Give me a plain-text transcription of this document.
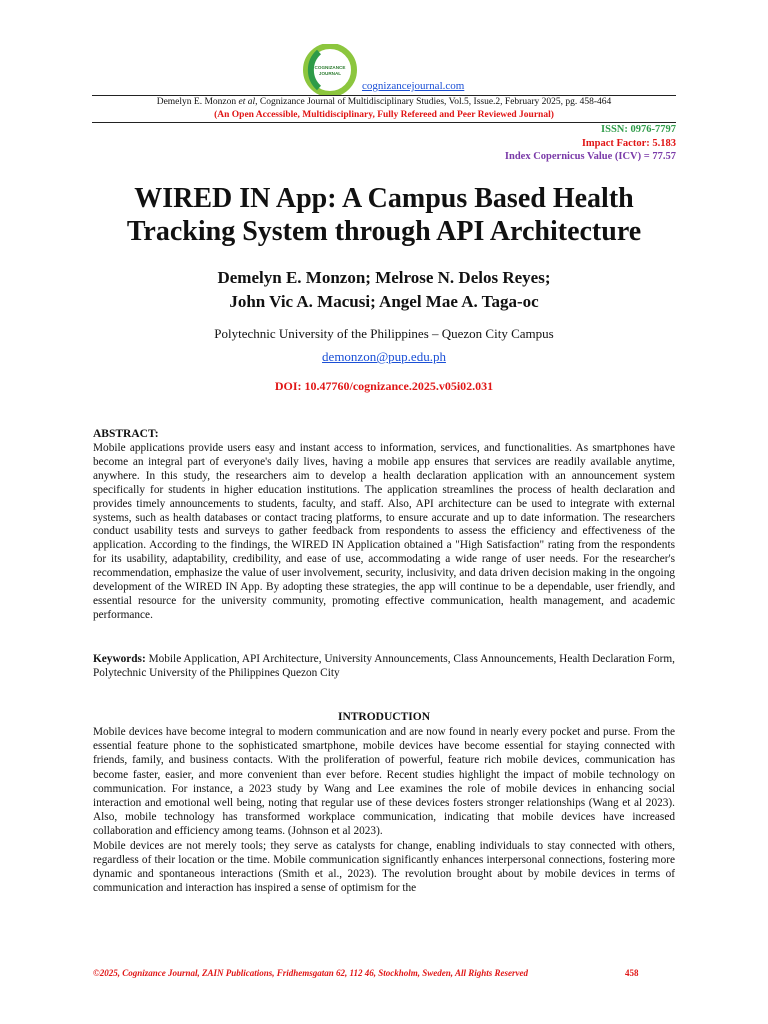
COGNIZANCE
JOURNAL
cognizancejournal.com
Demelyn E. Monzon et al, Cognizance Journal of Multidisciplinary Studies, Vol.5, Issue.2, February 2025, pg. 458-464
(An Open Accessible, Multidisciplinary, Fully Refereed and Peer Reviewed Journal)
ISSN: 0976-7797
Impact Factor: 5.183
Index Copernicus Value (ICV) = 77.57
WIRED IN App: A Campus Based Health
Tracking System through API Architecture
Demelyn E. Monzon; Melrose N. Delos Reyes;
John Vic A. Macusi; Angel Mae A. Taga-oc
Polytechnic University of the Philippines – Quezon City Campus
demonzon@pup.edu.ph
DOI: 10.47760/cognizance.2025.v05i02.031
ABSTRACT:
Mobile applications provide users easy and instant access to information, services, and functionalities. As smartphones have become an integral part of everyone's daily lives, having a mobile app ensures that services are readily available anytime, anywhere. In this study, the researchers aim to develop a health declaration application with an announcement system specifically for students in higher education institutions. The application streamlines the process of health declaration and provides timely announcements to students, faculty, and staff. Also, API architecture can be used to integrate with external systems, such as health databases or contact tracing platforms, to ensure accurate and up to date information. The researchers conduct usability tests and surveys to gather feedback from respondents to assess the efficiency and effectiveness of the application. According to the findings, the WIRED IN Application obtained a "High Satisfaction" rating from the respondents for its usability, adaptability, credibility, and ease of use, accommodating a wide range of user needs. For the researcher's recommendation, emphasize the value of user involvement, security, inclusivity, and data driven decision making in the ongoing development of the WIRED IN App. By adopting these strategies, the app will continue to be a dependable, user friendly, and essential resource for the university community, promoting effective communication, health management, and academic performance.
Keywords: Mobile Application, API Architecture, University Announcements, Class Announcements, Health Declaration Form, Polytechnic University of the Philippines Quezon City
INTRODUCTION

Mobile devices have become integral to modern communication and are now found in nearly every pocket and purse. From the essential feature phone to the sophisticated smartphone, mobile devices have become essential for staying connected with friends, family, and business contacts. With the proliferation of powerful, feature rich mobile devices, communication has become faster, easier, and more convenient than ever before. Recent studies highlight the impact of mobile technology on communication. For instance, a 2023 study by Wang and Lee examines the role of mobile devices in enhancing social interaction and emotional well being, noting that regular use of these devices fosters stronger relationships (Wang et al 2023). Also, mobile technology has transformed workplace communication, indicating that mobile devices have increased collaboration and efficiency among teams. (Johnson et al 2023).

Mobile devices are not merely tools; they serve as catalysts for change, enabling individuals to stay connected with others, regardless of their location or the time. Mobile communication significantly enhances interpersonal connections, fostering more dynamic and spontaneous interactions (Smith et al., 2023). The revolution brought about by mobile devices in terms of communication and interaction has inspired a sense of optimism for the

©2025, Cognizance Journal, ZAIN Publications, Fridhemsgatan 62, 112 46, Stockholm, Sweden, All Rights Reserved	458
